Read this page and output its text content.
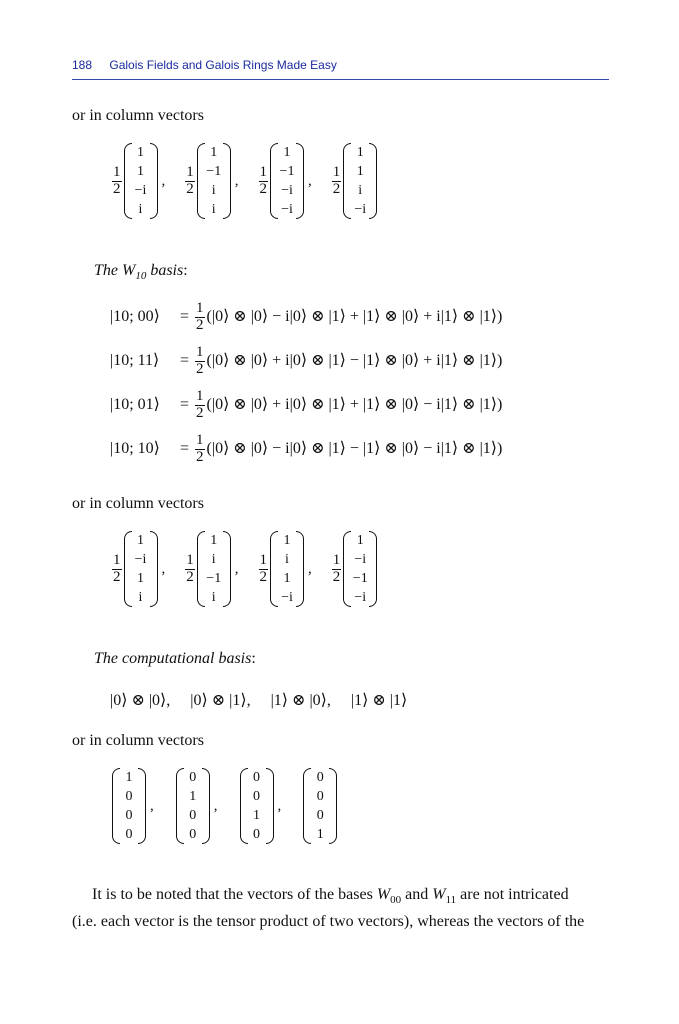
188 Galois Fields and Galois Rings Made Easy
or in column vectors
$\frac{1}{2}$
1
1
−i
i
, $\frac{1}{2}$
1
−1
i
i
, $\frac{1}{2}$
1
−1
−i
−i
, $\frac{1}{2}$
1
1
i
−i
The $W_{10}$ basis:
|10; 00⟩ = $\frac{1}{2}$ (|0⟩ ⊗ |0⟩ − i|0⟩ ⊗ |1⟩ + |1⟩ ⊗ |0⟩ + i|1⟩ ⊗ |1⟩)
|10; 11⟩ = $\frac{1}{2}$ (|0⟩ ⊗ |0⟩ + i|0⟩ ⊗ |1⟩ − |1⟩ ⊗ |0⟩ + i|1⟩ ⊗ |1⟩)
|10; 01⟩ = $\frac{1}{2}$ (|0⟩ ⊗ |0⟩ + i|0⟩ ⊗ |1⟩ + |1⟩ ⊗ |0⟩ − i|1⟩ ⊗ |1⟩)
|10; 10⟩ = $\frac{1}{2}$ (|0⟩ ⊗ |0⟩ − i|0⟩ ⊗ |1⟩ − |1⟩ ⊗ |0⟩ − i|1⟩ ⊗ |1⟩)
or in column vectors
$\frac{1}{2}$
1
−i
1
i
, $\frac{1}{2}$
1
i
−1
i
, $\frac{1}{2}$
1
i
1
−i
, $\frac{1}{2}$
1
−i
−1
−i
The computational basis:
|0⟩ ⊗ |0⟩,     |0⟩ ⊗ |1⟩,     |1⟩ ⊗ |0⟩,     |1⟩ ⊗ |1⟩
or in column vectors
1
0
0
0
,
0
1
0
0
,
0
0
1
0
,
0
0
0
1
It is to be noted that the vectors of the bases $W_{00}$ and $W_{11}$ are not intricated
(i.e. each vector is the tensor product of two vectors), whereas the vectors of the
